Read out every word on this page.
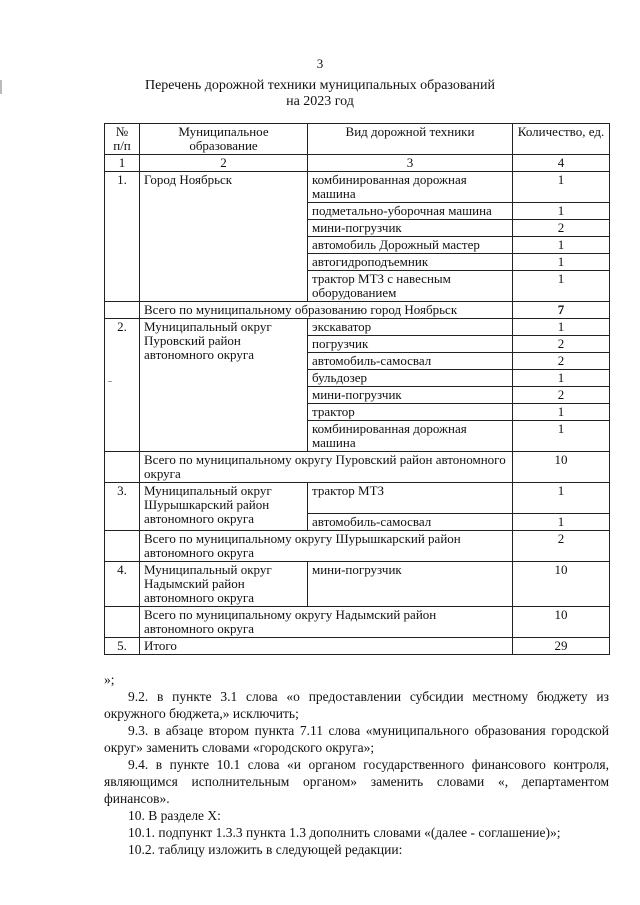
3
Перечень дорожной техники муниципальных образований
на 2023 год
№ п/п	Муниципальное образование	Вид дорожной техники	Количество, ед.
1	2	3	4
1.	Город Ноябрьск	комбинированная дорожная машина	1
		подметально-уборочная машина	1
		мини-погрузчик	2
		автомобиль Дорожный мастер	1
		автогидроподъемник	1
		трактор МТЗ с навесным оборудованием	1
	Всего по муниципальному образованию город Ноябрьск		7
2.	Муниципальный округ Пуровский район автономного округа	экскаватор	1
		погрузчик	2
		автомобиль-самосвал	2
		бульдозер	1
		мини-погрузчик	2
		трактор	1
		комбинированная дорожная машина	1
	Всего по муниципальному округу Пуровский район автономного округа		10
3.	Муниципальный округ Шурышкарский район автономного округа	трактор МТЗ	1
		автомобиль-самосвал	1
	Всего по муниципальному округу Шурышкарский район автономного округа		2
4.	Муниципальный округ Надымский район автономного округа	мини-погрузчик	10
	Всего по муниципальному округу Надымский район автономного округа		10
5.	Итого		29

»;

9.2. в пункте 3.1 слова «о предоставлении субсидии местному бюджету из окружного бюджета,» исключить;

9.3. в абзаце втором пункта 7.11 слова «муниципального образования городской округ» заменить словами «городского округа»;

9.4. в пункте 10.1 слова «и органом государственного финансового контроля, являющимся исполнительным органом» заменить словами «, департаментом финансов».

10. В разделе X:

10.1. подпункт 1.3.3 пункта 1.3 дополнить словами «(далее - соглашение)»;

10.2. таблицу изложить в следующей редакции:
